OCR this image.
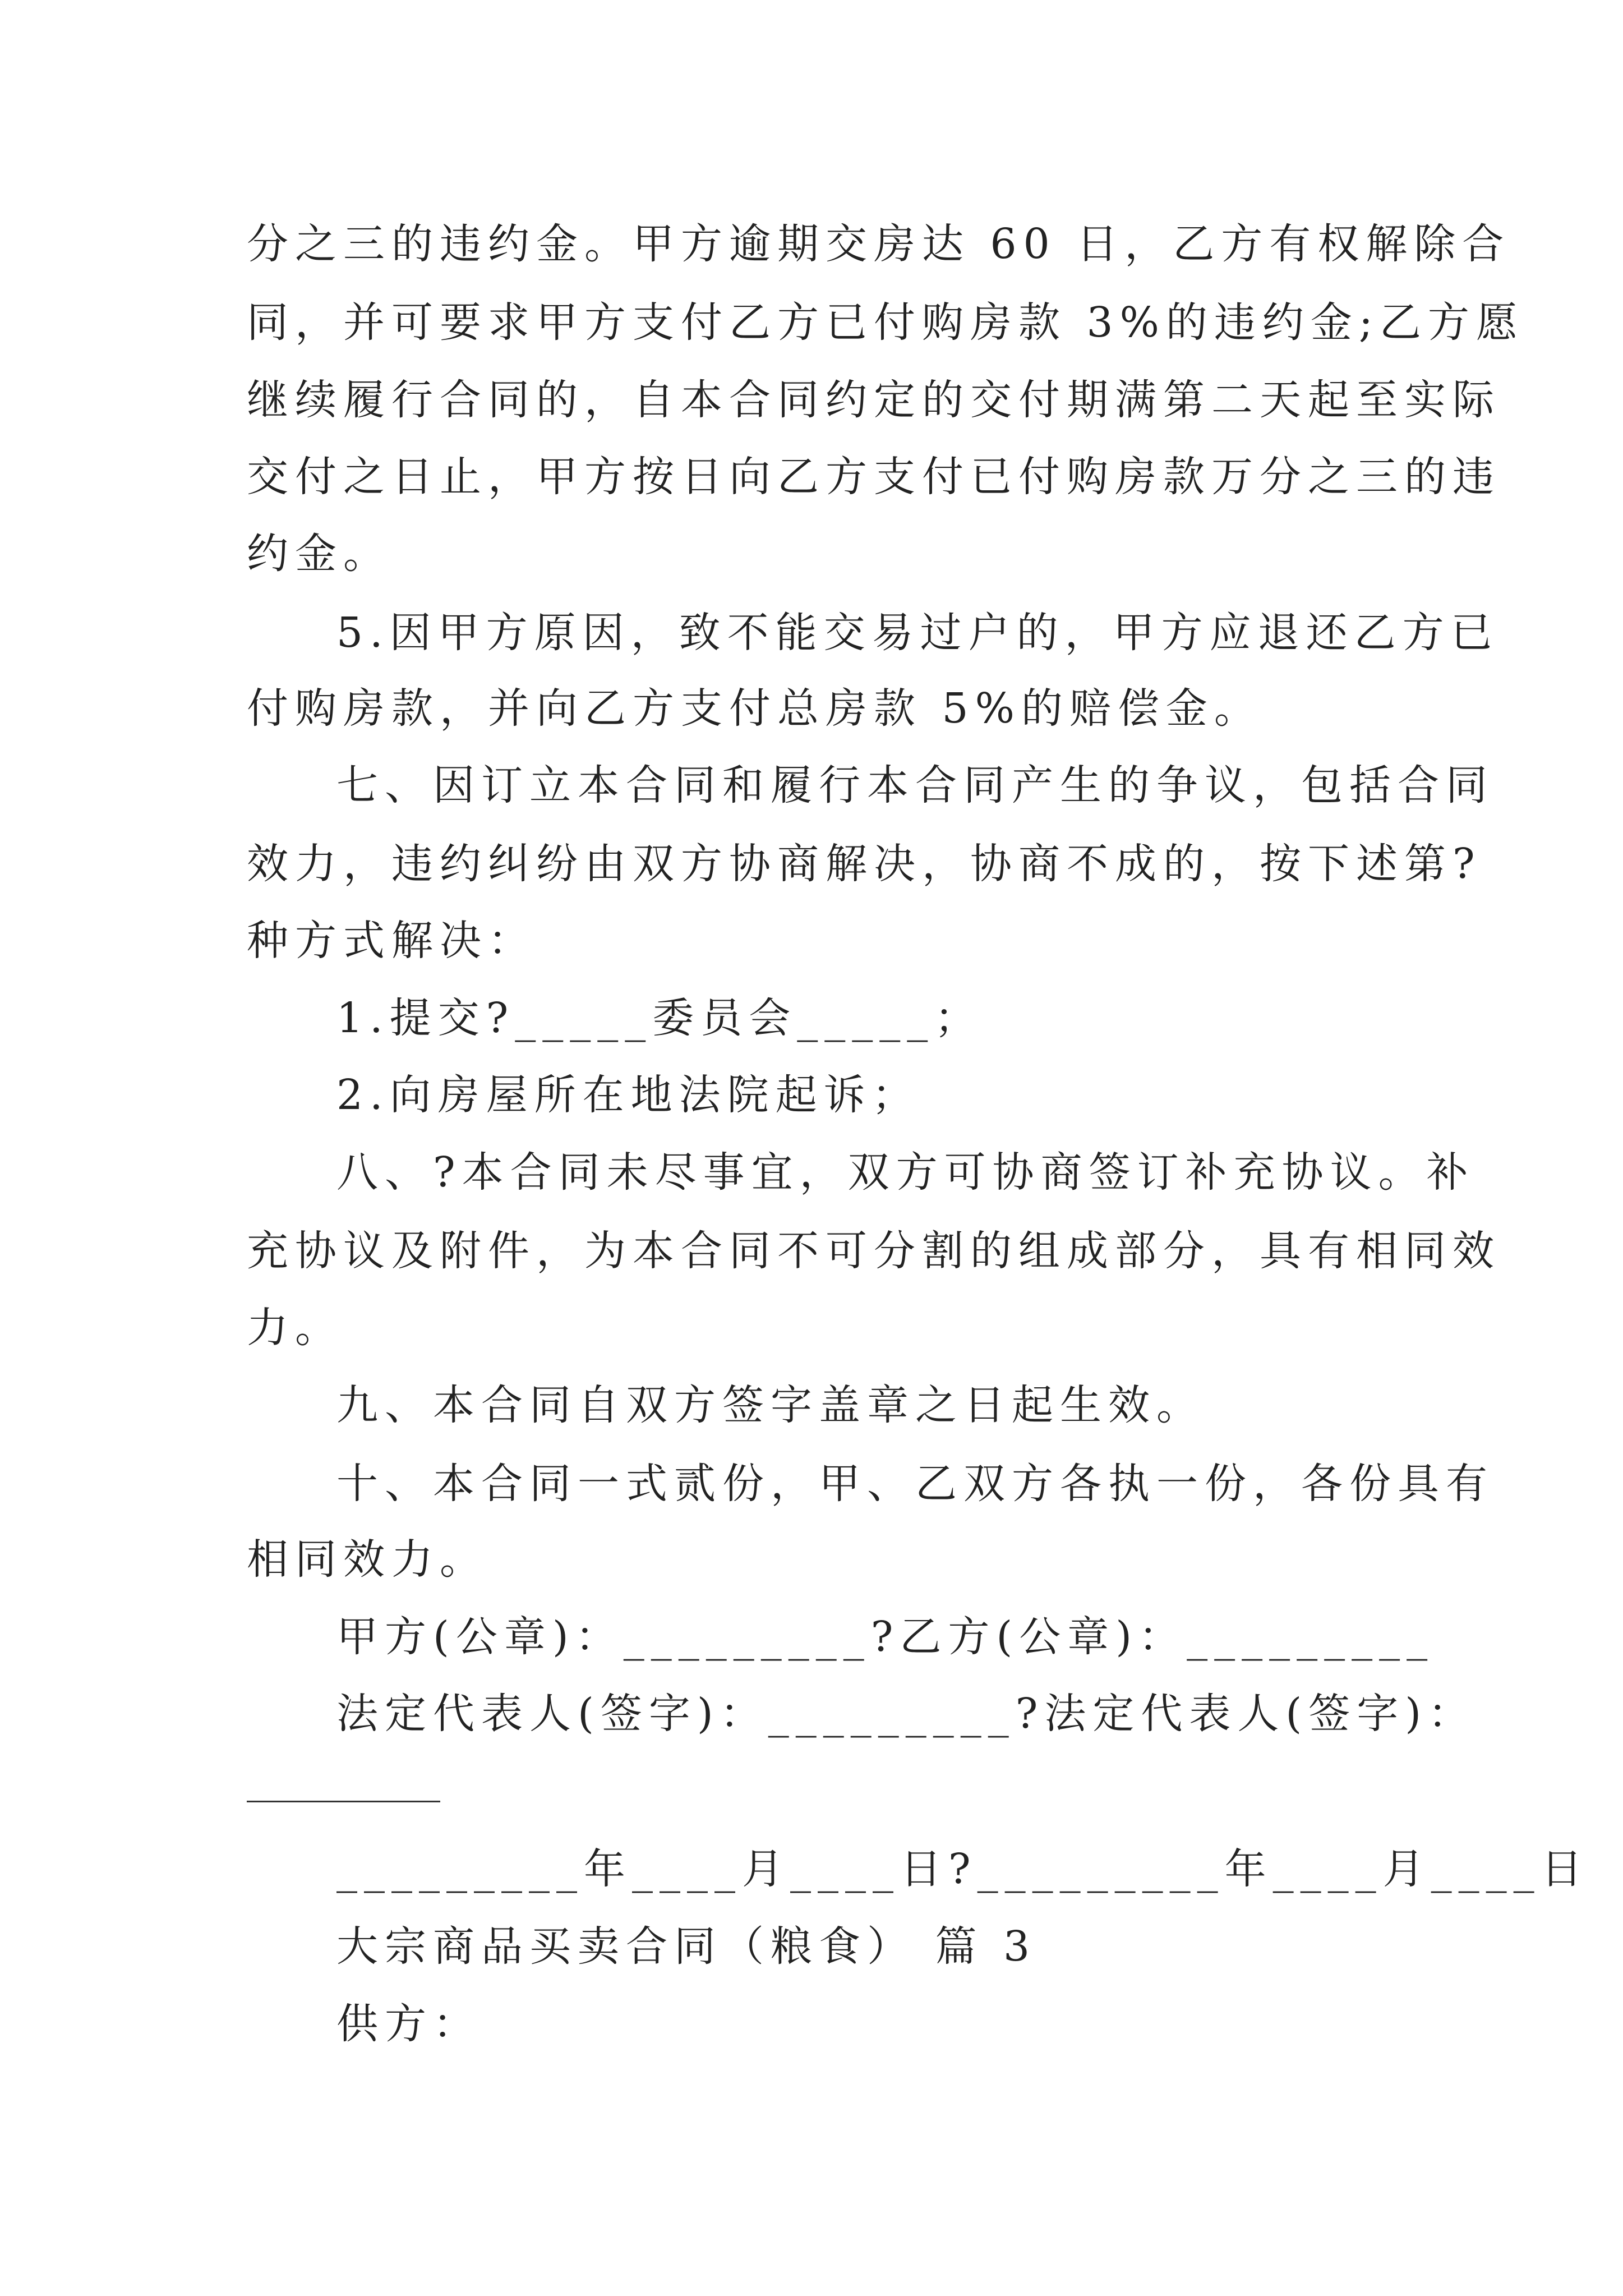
分之三的违约金。甲方逾期交房达 60 日，乙方有权解除合
同，并可要求甲方支付乙方已付购房款 3%的违约金;乙方愿
继续履行合同的，自本合同约定的交付期满第二天起至实际
交付之日止，甲方按日向乙方支付已付购房款万分之三的违
约金。
5.因甲方原因，致不能交易过户的，甲方应退还乙方已
付购房款，并向乙方支付总房款 5%的赔偿金。
七、因订立本合同和履行本合同产生的争议，包括合同
效力，违约纠纷由双方协商解决，协商不成的，按下述第?
种方式解决：
1.提交?_____委员会_____；
2.向房屋所在地法院起诉；
八、?本合同未尽事宜，双方可协商签订补充协议。补
充协议及附件，为本合同不可分割的组成部分，具有相同效
力。
九、本合同自双方签字盖章之日起生效。
十、本合同一式贰份，甲、乙双方各执一份，各份具有
相同效力。
甲方(公章)：_________?乙方(公章)：_________
法定代表人(签字)：_________?法定代表人(签字)：
_________年____月____日?_________年____月____日
大宗商品买卖合同（粮食） 篇 3
供方：
